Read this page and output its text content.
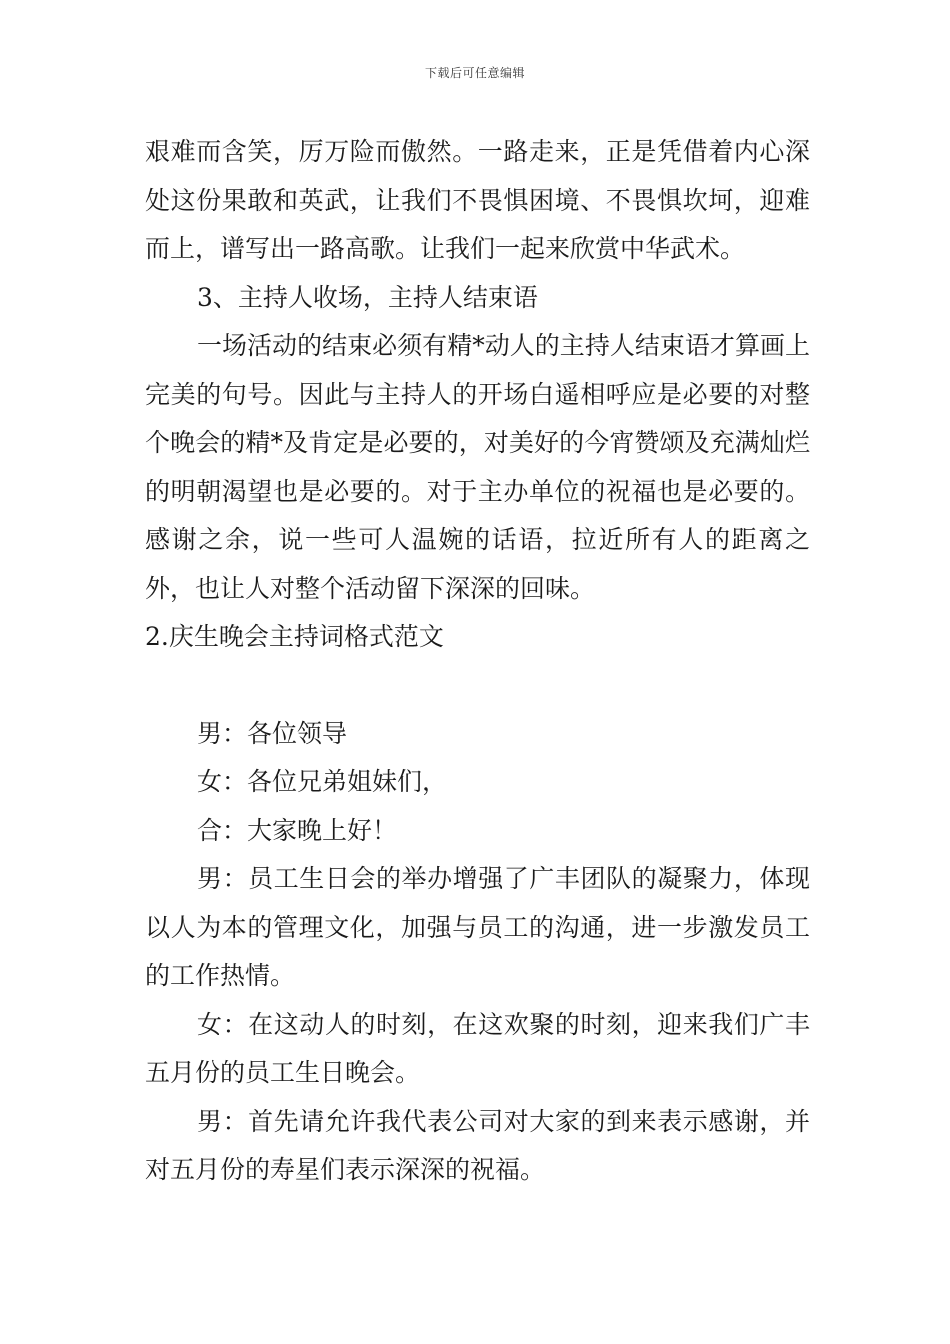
下载后可任意编辑

艰难而含笑，厉万险而傲然。一路走来，正是凭借着内心深处这份果敢和英武，让我们不畏惧困境、不畏惧坎坷，迎难而上，谱写出一路高歌。让我们一起来欣赏中华武术。

3、主持人收场，主持人结束语

一场活动的结束必须有精*动人的主持人结束语才算画上完美的句号。因此与主持人的开场白遥相呼应是必要的对整个晚会的精*及肯定是必要的，对美好的今宵赞颂及充满灿烂的明朝渴望也是必要的。对于主办单位的祝福也是必要的。感谢之余，说一些可人温婉的话语，拉近所有人的距离之外，也让人对整个活动留下深深的回味。

2.庆生晚会主持词格式范文

男：各位领导

女：各位兄弟姐妹们，

合：大家晚上好！

男：员工生日会的举办增强了广丰团队的凝聚力，体现以人为本的管理文化，加强与员工的沟通，进一步激发员工的工作热情。

女：在这动人的时刻，在这欢聚的时刻，迎来我们广丰五月份的员工生日晚会。

男：首先请允许我代表公司对大家的到来表示感谢，并对五月份的寿星们表示深深的祝福。
